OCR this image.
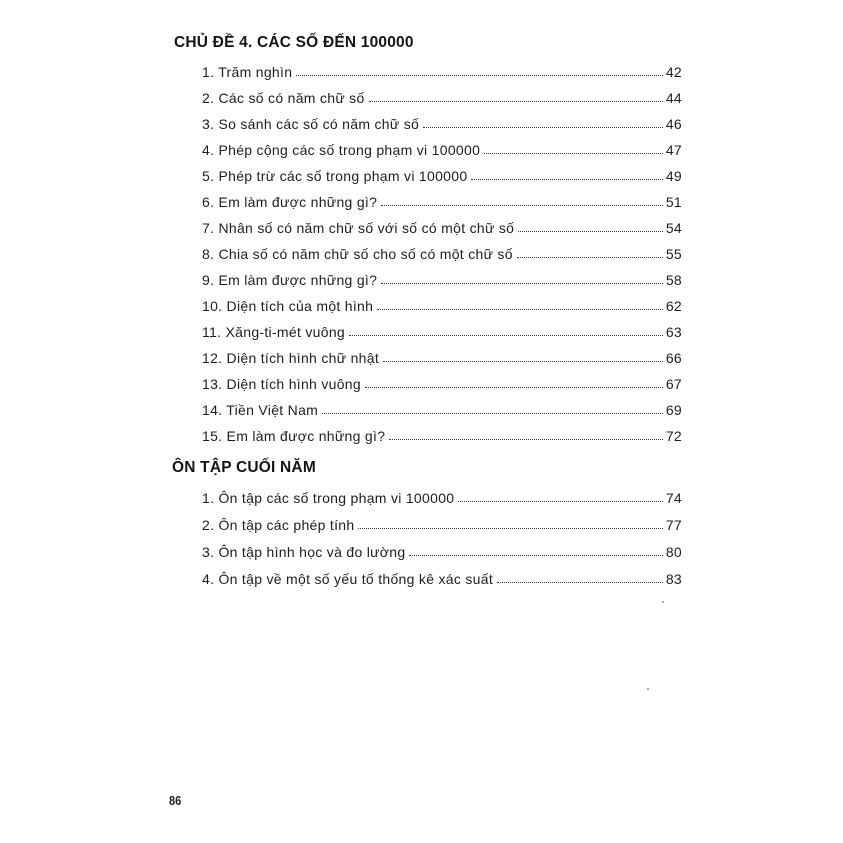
CHỦ ĐỀ 4. CÁC SỐ ĐẾN 100000
1. Trăm nghìn	42
2. Các số có năm chữ số	44
3. So sánh các số có năm chữ số	46
4. Phép cộng các số trong phạm vi 100000	47
5. Phép trừ các số trong phạm vi 100000	49
6. Em làm được những gì?	51
7. Nhân số có năm chữ số với số có một chữ số	54
8. Chia số có năm chữ số cho số có một chữ số	55
9. Em làm được những gì?	58
10. Diện tích của một hình	62
11. Xăng-ti-mét vuông	63
12. Diện tích hình chữ nhật	66
13. Diện tích hình vuông	67
14. Tiền Việt Nam	69
15. Em làm được những gì?	72
ÔN TẬP CUỐI NĂM
1. Ôn tập các số trong phạm vi 100000	74
2. Ôn tập các phép tính	77
3. Ôn tập hình học và đo lường	80
4. Ôn tập về một số yếu tố thống kê xác suất	83
86
